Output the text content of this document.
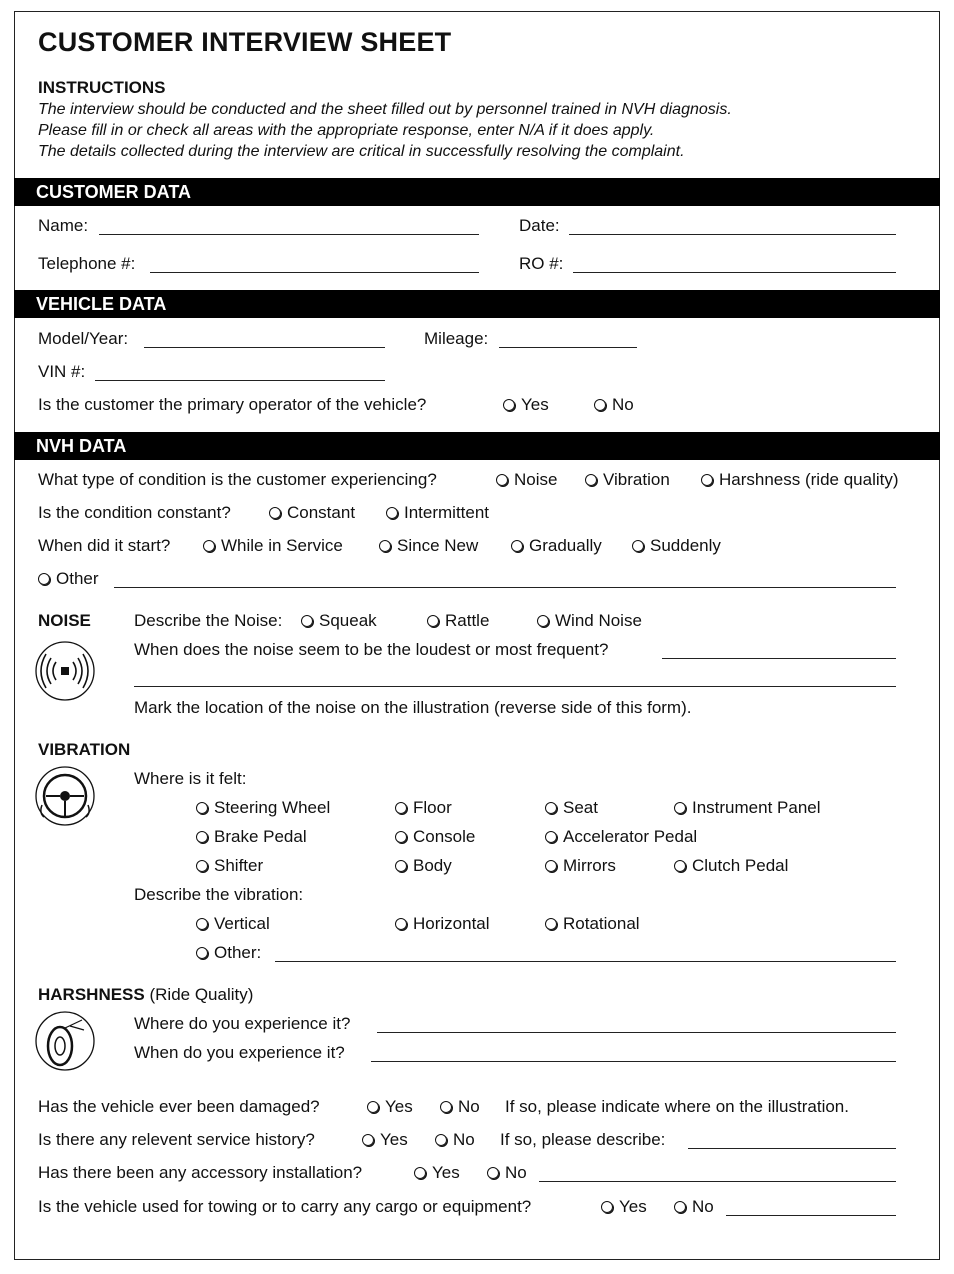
CUSTOMER INTERVIEW SHEET
INSTRUCTIONS
The interview should be conducted and the sheet filled out by personnel trained in NVH diagnosis.
Please fill in or check all areas with the appropriate response, enter N/A if it does apply.
The details collected during the interview are critical in successfully resolving the complaint.
CUSTOMER DATA
Name:	Date:
Telephone #:	RO #:
VEHICLE DATA
Model/Year:	Mileage:
VIN #:
Is the customer the primary operator of the vehicle?	Yes	No
NVH DATA
What type of condition is the customer experiencing?	Noise	Vibration	Harshness (ride quality)
Is the condition constant?	Constant	Intermittent
When did it start?	While in Service	Since New	Gradually	Suddenly
Other
NOISE	Describe the Noise:	Squeak	Rattle	Wind Noise
When does the noise seem to be the loudest or most frequent?
Mark the location of the noise on the illustration (reverse side of this form).
VIBRATION
Where is it felt:
Steering Wheel	Floor	Seat	Instrument Panel
Brake Pedal	Console	Accelerator Pedal
Shifter	Body	Mirrors	Clutch Pedal
Describe the vibration:
Vertical	Horizontal	Rotational
Other:
HARSHNESS (Ride Quality)
Where do you experience it?
When do you experience it?
Has the vehicle ever been damaged?	Yes	No If so, please indicate where on the illustration.
Is there any relevent service history?	Yes	No If so, please describe:
Has there been any accessory installation?	Yes	No
Is the vehicle used for towing or to carry any cargo or equipment?	Yes	No
